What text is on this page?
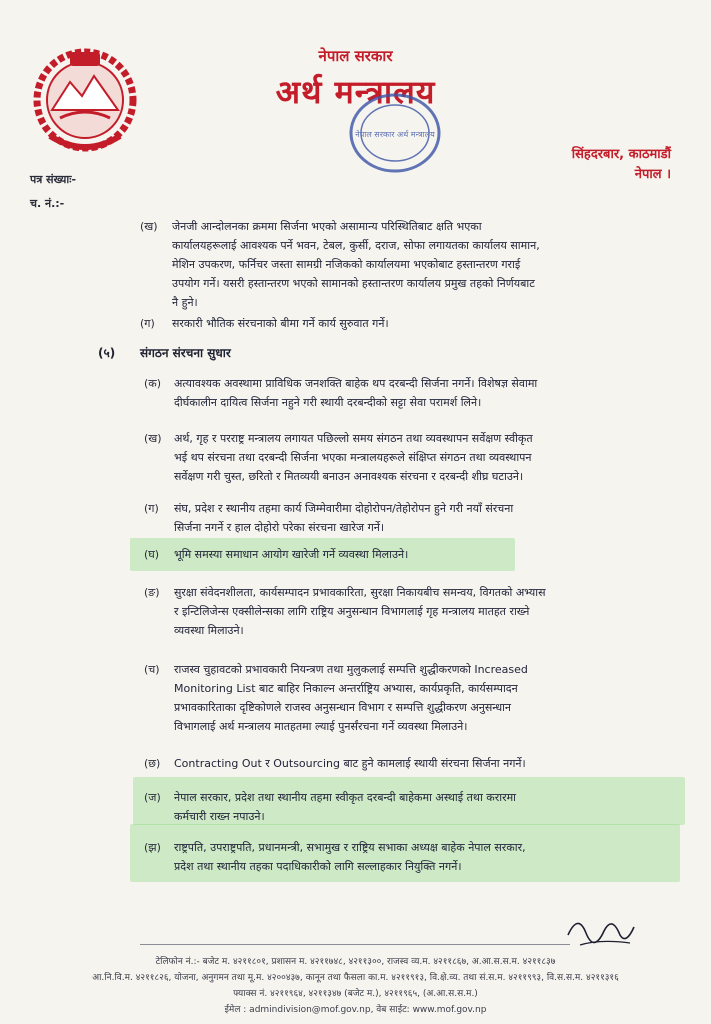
नेपाल सरकार
अर्थ मन्त्रालय
नेपाल सरकार अर्थ मन्त्रालय
सिंहदरबार, काठमाडौं
नेपाल ।
पत्र संख्याः-
च. नं.:-
(ख) जेनजी आन्दोलनका क्रममा सिर्जना भएको असामान्य परिस्थितिबाट क्षति भएका
कार्यालयहरूलाई आवश्यक पर्ने भवन, टेबल, कुर्सी, दराज, सोफा लगायतका कार्यालय सामान,
मेशिन उपकरण, फर्निचर जस्ता सामग्री नजिकको कार्यालयमा भएकोबाट हस्तान्तरण गराई
उपयोग गर्ने। यसरी हस्तान्तरण भएको सामानको हस्तान्तरण कार्यालय प्रमुख तहको निर्णयबाट
नै हुने।
(ग) सरकारी भौतिक संरचनाको बीमा गर्ने कार्य सुरुवात गर्ने।
(५) संगठन संरचना सुधार
(क) अत्यावश्यक अवस्थामा प्राविधिक जनशक्ति बाहेक थप दरबन्दी सिर्जना नगर्ने। विशेषज्ञ सेवामा
दीर्घकालीन दायित्व सिर्जना नहुने गरी स्थायी दरबन्दीको सट्टा सेवा परामर्श लिने।
(ख) अर्थ, गृह र परराष्ट्र मन्त्रालय लगायत पछिल्लो समय संगठन तथा व्यवस्थापन सर्वेक्षण स्वीकृत
भई थप संरचना तथा दरबन्दी सिर्जना भएका मन्त्रालयहरूले संक्षिप्त संगठन तथा व्यवस्थापन
सर्वेक्षण गरी चुस्त, छरितो र मितव्ययी बनाउन अनावश्यक संरचना र दरबन्दी शीघ्र घटाउने।
(ग) संघ, प्रदेश र स्थानीय तहमा कार्य जिम्मेवारीमा दोहोरोपन/तेहोरोपन हुने गरी नयाँ संरचना
सिर्जना नगर्ने र हाल दोहोरो परेका संरचना खारेज गर्ने।
(घ) भूमि समस्या समाधान आयोग खारेजी गर्ने व्यवस्था मिलाउने।
(ङ) सुरक्षा संवेदनशीलता, कार्यसम्पादन प्रभावकारिता, सुरक्षा निकायबीच समन्वय, विगतको अभ्यास
र इन्टिलिजेन्स एक्सीलेन्सका लागि राष्ट्रिय अनुसन्धान विभागलाई गृह मन्त्रालय मातहत राख्ने
व्यवस्था मिलाउने।
(च) राजस्व चुहावटको प्रभावकारी नियन्त्रण तथा मुलुकलाई सम्पत्ति शुद्धीकरणको Increased
Monitoring List बाट बाहिर निकाल्न अन्तर्राष्ट्रिय अभ्यास, कार्यप्रकृति, कार्यसम्पादन
प्रभावकारिताका दृष्टिकोणले राजस्व अनुसन्धान विभाग र सम्पत्ति शुद्धीकरण अनुसन्धान
विभागलाई अर्थ मन्त्रालय मातहतमा ल्याई पुनर्संरचना गर्ने व्यवस्था मिलाउने।
(छ) Contracting Out र Outsourcing बाट हुने कामलाई स्थायी संरचना सिर्जना नगर्ने।
(ज) नेपाल सरकार, प्रदेश तथा स्थानीय तहमा स्वीकृत दरबन्दी बाहेकमा अस्थाई तथा करारमा
कर्मचारी राख्न नपाउने।
(झ) राष्ट्रपति, उपराष्ट्रपति, प्रधानमन्त्री, सभामुख र राष्ट्रिय सभाका अध्यक्ष बाहेक नेपाल सरकार,
प्रदेश तथा स्थानीय तहका पदाधिकारीको लागि सल्लाहकार नियुक्ति नगर्ने।
टेलिफोन नं.:- बजेट म. ४२११८०१, प्रशासन म. ४२११७४८, ४२११३००, राजस्व व्य.म. ४२११८६७, अ.आ.स.स.म. ४२११८३७
आ.नि.वि.म. ४२११८२६, योजना, अनुगमन तथा मू.म. ४२००४३७, कानून तथा फैसला का.म. ४२११९१३, वि.क्षे.व्य. तथा सं.स.म. ४२११९९३, वि.स.स.म. ४२११३१६
फ्याक्स नं. ४२११९६४, ४२११३४७ (बजेट म.), ४२११९६५, (अ.आ.स.स.म.)
ईमेल : admindivision@mof.gov.np, वेब साईट: www.mof.gov.np
